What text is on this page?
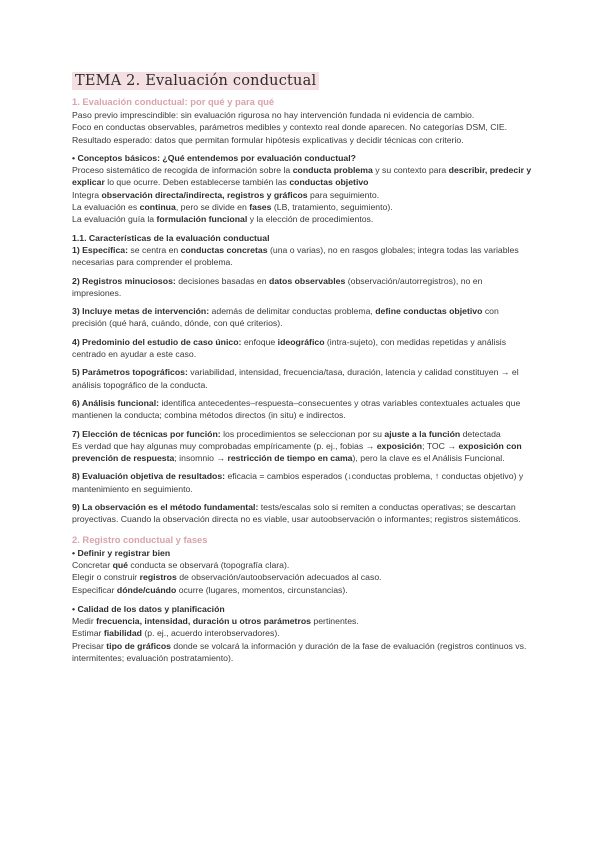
TEMA 2. Evaluación conductual
1. Evaluación conductual: por qué y para qué

Paso previo imprescindible: sin evaluación rigurosa no hay intervención fundada ni evidencia de cambio.

Foco en conductas observables, parámetros medibles y contexto real donde aparecen. No categorías DSM, CIE.

Resultado esperado: datos que permitan formular hipótesis explicativas y decidir técnicas con criterio.

• Conceptos básicos: ¿Qué entendemos por evaluación conductual?

Proceso sistemático de recogida de información sobre la conducta problema y su contexto para describir, predecir y explicar lo que ocurre. Deben establecerse también las conductas objetivo

Integra observación directa/indirecta, registros y gráficos para seguimiento.

La evaluación es continua, pero se divide en fases (LB, tratamiento, seguimiento).

La evaluación guía la formulación funcional y la elección de procedimientos.

1.1. Características de la evaluación conductual

1) Específica: se centra en conductas concretas (una o varias), no en rasgos globales; integra todas las variables necesarias para comprender el problema.

2) Registros minuciosos: decisiones basadas en datos observables (observación/autorregistros), no en impresiones.

3) Incluye metas de intervención: además de delimitar conductas problema, define conductas objetivo con precisión (qué hará, cuándo, dónde, con qué criterios).

4) Predominio del estudio de caso único: enfoque ideográfico (intra-sujeto), con medidas repetidas y análisis centrado en ayudar a este caso.

5) Parámetros topográficos: variabilidad, intensidad, frecuencia/tasa, duración, latencia y calidad constituyen → el análisis topográfico de la conducta.

6) Análisis funcional: identifica antecedentes–respuesta–consecuentes y otras variables contextuales actuales que mantienen la conducta; combina métodos directos (in situ) e indirectos.

7) Elección de técnicas por función: los procedimientos se seleccionan por su ajuste a la función detectada

Es verdad que hay algunas muy comprobadas empíricamente (p. ej., fobias → exposición; TOC → exposición con prevención de respuesta; insomnio → restricción de tiempo en cama), pero la clave es el Análisis Funcional.

8) Evaluación objetiva de resultados: eficacia = cambios esperados (↓conductas problema, ↑ conductas objetivo) y mantenimiento en seguimiento.

9) La observación es el método fundamental: tests/escalas solo si remiten a conductas operativas; se descartan proyectivas. Cuando la observación directa no es viable, usar autoobservación o informantes; registros sistemáticos.

2. Registro conductual y fases

• Definir y registrar bien

Concretar qué conducta se observará (topografía clara).

Elegir o construir registros de observación/autoobservación adecuados al caso.

Especificar dónde/cuándo ocurre (lugares, momentos, circunstancias).

• Calidad de los datos y planificación

Medir frecuencia, intensidad, duración u otros parámetros pertinentes.

Estimar fiabilidad (p. ej., acuerdo interobservadores).

Precisar tipo de gráficos donde se volcará la información y duración de la fase de evaluación (registros continuos vs. intermitentes; evaluación postratamiento).
